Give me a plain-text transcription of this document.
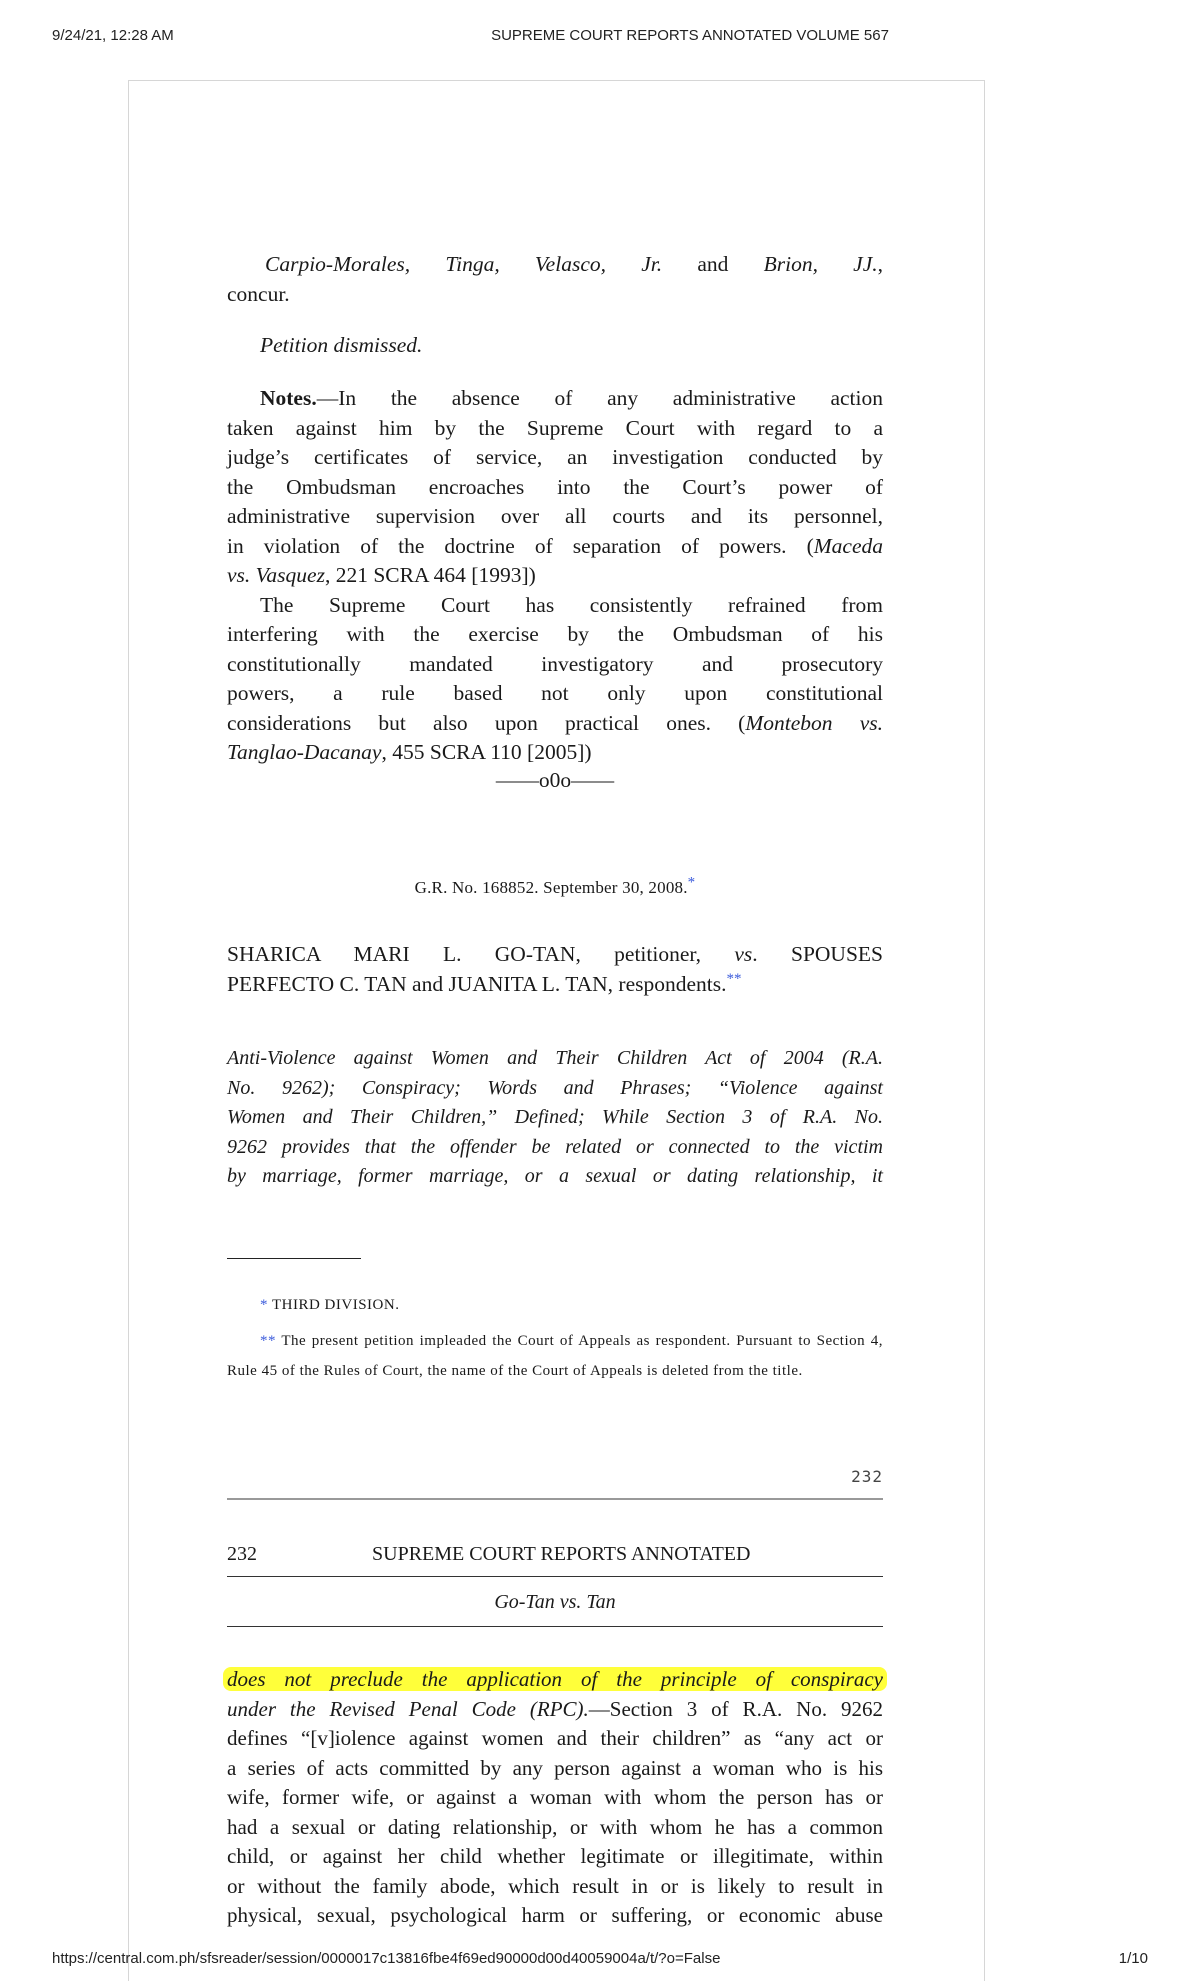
9/24/21, 12:28 AM	SUPREME COURT REPORTS ANNOTATED VOLUME 567
Carpio-Morales, Tinga, Velasco, Jr. and Brion, JJ.,
concur.
Petition dismissed.
Notes.—In the absence of any administrative action
taken against him by the Supreme Court with regard to a
judge’s certificates of service, an investigation conducted by
the Ombudsman encroaches into the Court’s power of
administrative supervision over all courts and its personnel,
in violation of the doctrine of separation of powers. (Maceda
vs. Vasquez, 221 SCRA 464 [1993])
The Supreme Court has consistently refrained from
interfering with the exercise by the Ombudsman of his
constitutionally mandated investigatory and prosecutory
powers, a rule based not only upon constitutional
considerations but also upon practical ones. (Montebon vs.
Tanglao-Dacanay, 455 SCRA 110 [2005])
——o0o——
G.R. No. 168852. September 30, 2008.*
SHARICA MARI L. GO-TAN, petitioner, vs. SPOUSES
PERFECTO C. TAN and JUANITA L. TAN, respondents.**
Anti-Violence against Women and Their Children Act of 2004 (R.A.
No. 9262); Conspiracy; Words and Phrases; “Violence against
Women and Their Children,” Defined; While Section 3 of R.A. No.
9262 provides that the offender be related or connected to the victim
by marriage, former marriage, or a sexual or dating relationship, it
* THIRD DIVISION.
** The present petition impleaded the Court of Appeals as respondent. Pursuant to Section 4, Rule 45 of the Rules of Court, the name of the Court of Appeals is deleted from the title.
232
232	SUPREME COURT REPORTS ANNOTATED
Go-Tan vs. Tan
does not preclude the application of the principle of conspiracy
under the Revised Penal Code (RPC).—Section 3 of R.A. No. 9262
defines “[v]iolence against women and their children” as “any act or
a series of acts committed by any person against a woman who is his
wife, former wife, or against a woman with whom the person has or
had a sexual or dating relationship, or with whom he has a common
child, or against her child whether legitimate or illegitimate, within
or without the family abode, which result in or is likely to result in
physical, sexual, psychological harm or suffering, or economic abuse
https://central.com.ph/sfsreader/session/0000017c13816fbe4f69ed90000d00d40059004a/t/?o=False	1/10
